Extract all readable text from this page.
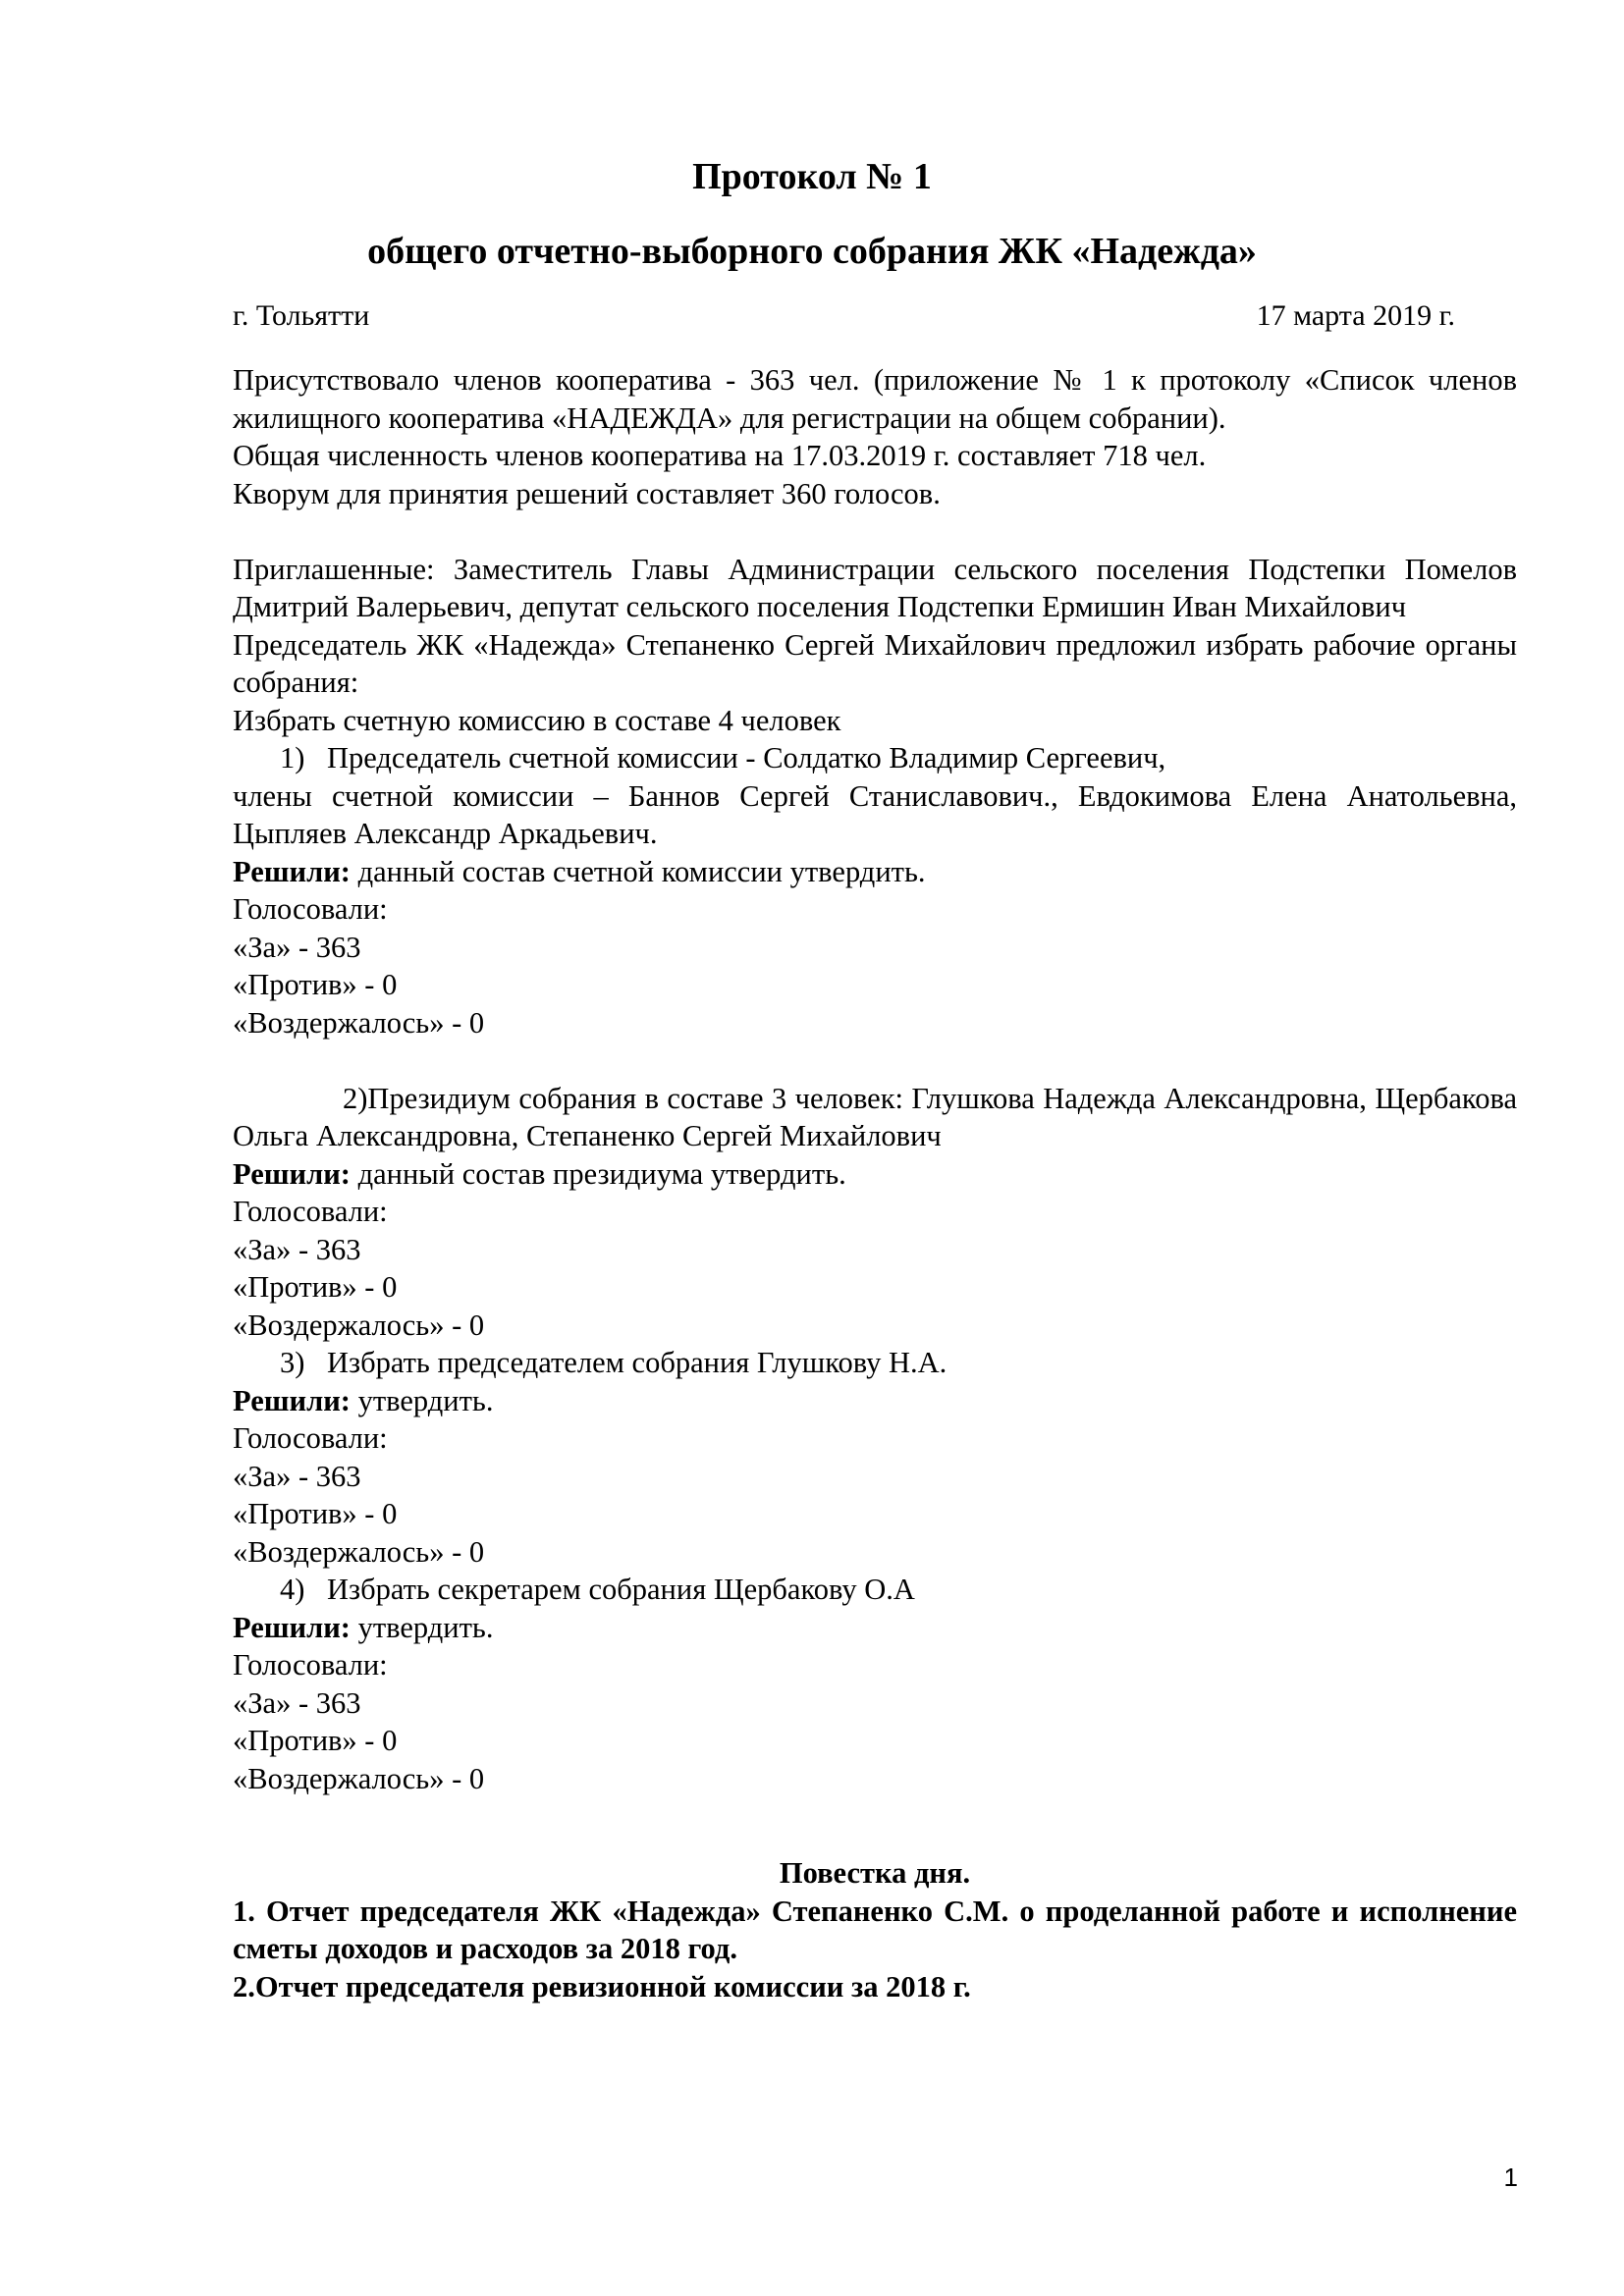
Протокол № 1
общего отчетно-выборного собрания ЖК «Надежда»
г. Тольятти	17 марта 2019 г.

Присутствовало членов кооператива - 363 чел. (приложение № 1 к протоколу «Список членов жилищного кооператива «НАДЕЖДА» для регистрации на общем собрании).

Общая численность членов кооператива на 17.03.2019 г. составляет 718 чел.

Кворум для принятия решений составляет 360 голосов.

Приглашенные: Заместитель Главы Администрации сельского поселения Подстепки Помелов Дмитрий Валерьевич, депутат сельского поселения Подстепки Ермишин Иван Михайлович

Председатель ЖК «Надежда» Степаненко Сергей Михайлович предложил избрать рабочие органы собрания:

Избрать счетную комиссию в составе 4 человек

1) Председатель счетной комиссии - Солдатко Владимир Сергеевич,

члены счетной комиссии – Баннов Сергей Станиславович., Евдокимова Елена Анатольевна, Цыпляев Александр Аркадьевич.

Решили: данный состав счетной комиссии утвердить.

Голосовали:

«За» - 363

«Против» - 0

«Воздержалось» - 0

2)Президиум собрания в составе 3 человек: Глушкова Надежда Александровна, Щербакова Ольга Александровна, Степаненко Сергей Михайлович

Решили: данный состав президиума утвердить.

Голосовали:

«За» - 363

«Против» - 0

«Воздержалось» - 0

3) Избрать председателем собрания Глушкову Н.А.

Решили: утвердить.

Голосовали:

«За» - 363

«Против» - 0

«Воздержалось» - 0

4) Избрать секретарем собрания Щербакову О.А

Решили: утвердить.

Голосовали:

«За» - 363

«Против» - 0

«Воздержалось» - 0

Повестка дня.

1. Отчет председателя ЖК «Надежда» Степаненко С.М. о проделанной работе и исполнение сметы доходов и расходов за 2018 год.

2.Отчет председателя ревизионной комиссии за 2018 г.

1
